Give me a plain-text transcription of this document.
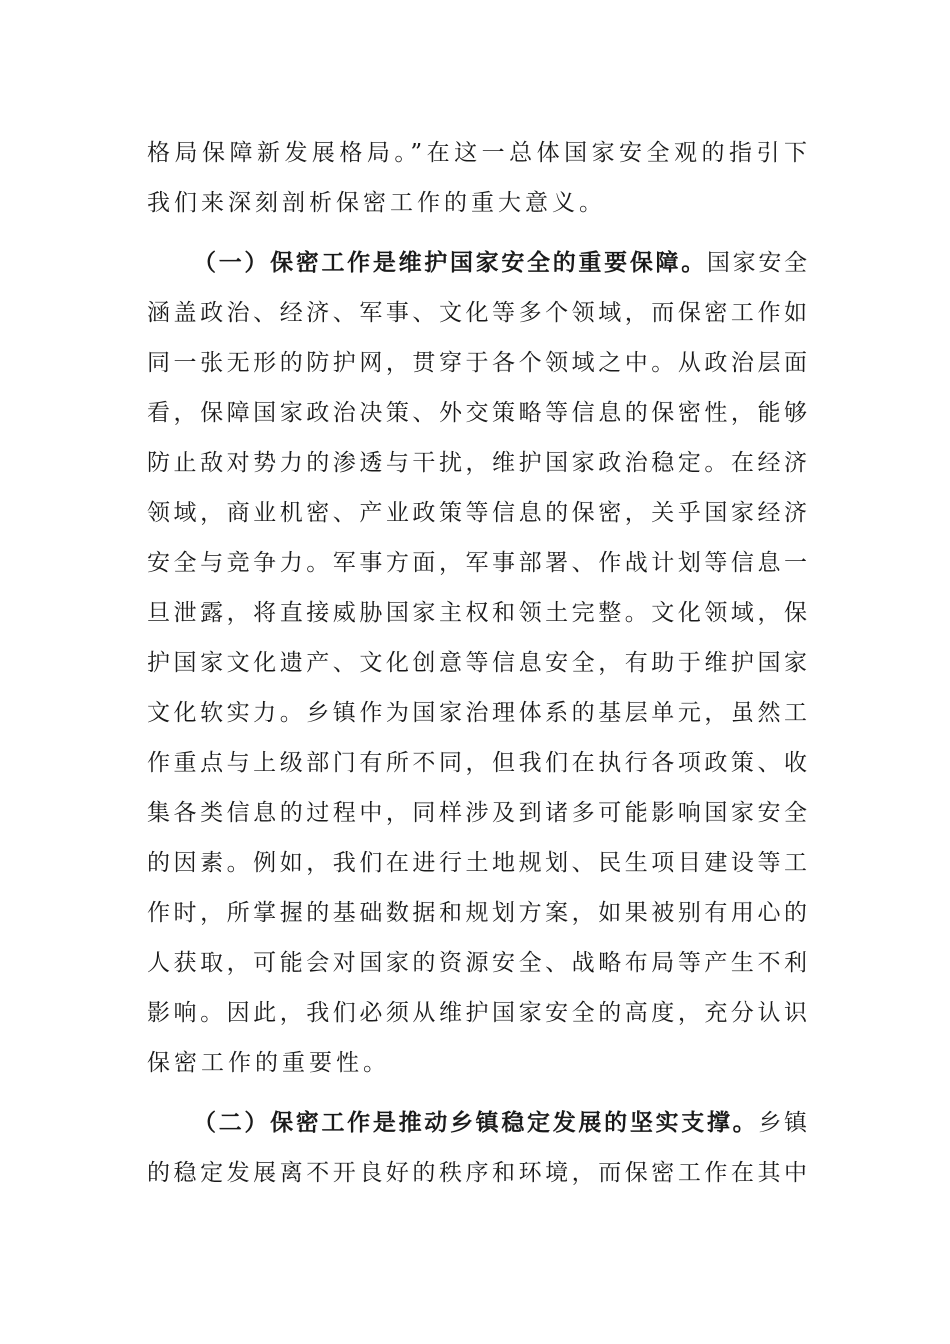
格局保障新发展格局。”在这一总体国家安全观的指引下
我们来深刻剖析保密工作的重大意义。
（一）保密工作是维护国家安全的重要保障。国家安全
涵盖政治、经济、军事、文化等多个领域，而保密工作如
同一张无形的防护网，贯穿于各个领域之中。从政治层面
看，保障国家政治决策、外交策略等信息的保密性，能够
防止敌对势力的渗透与干扰，维护国家政治稳定。在经济
领域，商业机密、产业政策等信息的保密，关乎国家经济
安全与竞争力。军事方面，军事部署、作战计划等信息一
旦泄露，将直接威胁国家主权和领土完整。文化领域，保
护国家文化遗产、文化创意等信息安全，有助于维护国家
文化软实力。乡镇作为国家治理体系的基层单元，虽然工
作重点与上级部门有所不同，但我们在执行各项政策、收
集各类信息的过程中，同样涉及到诸多可能影响国家安全
的因素。例如，我们在进行土地规划、民生项目建设等工
作时，所掌握的基础数据和规划方案，如果被别有用心的
人获取，可能会对国家的资源安全、战略布局等产生不利
影响。因此，我们必须从维护国家安全的高度，充分认识
保密工作的重要性。
（二）保密工作是推动乡镇稳定发展的坚实支撑。乡镇
的稳定发展离不开良好的秩序和环境，而保密工作在其中
